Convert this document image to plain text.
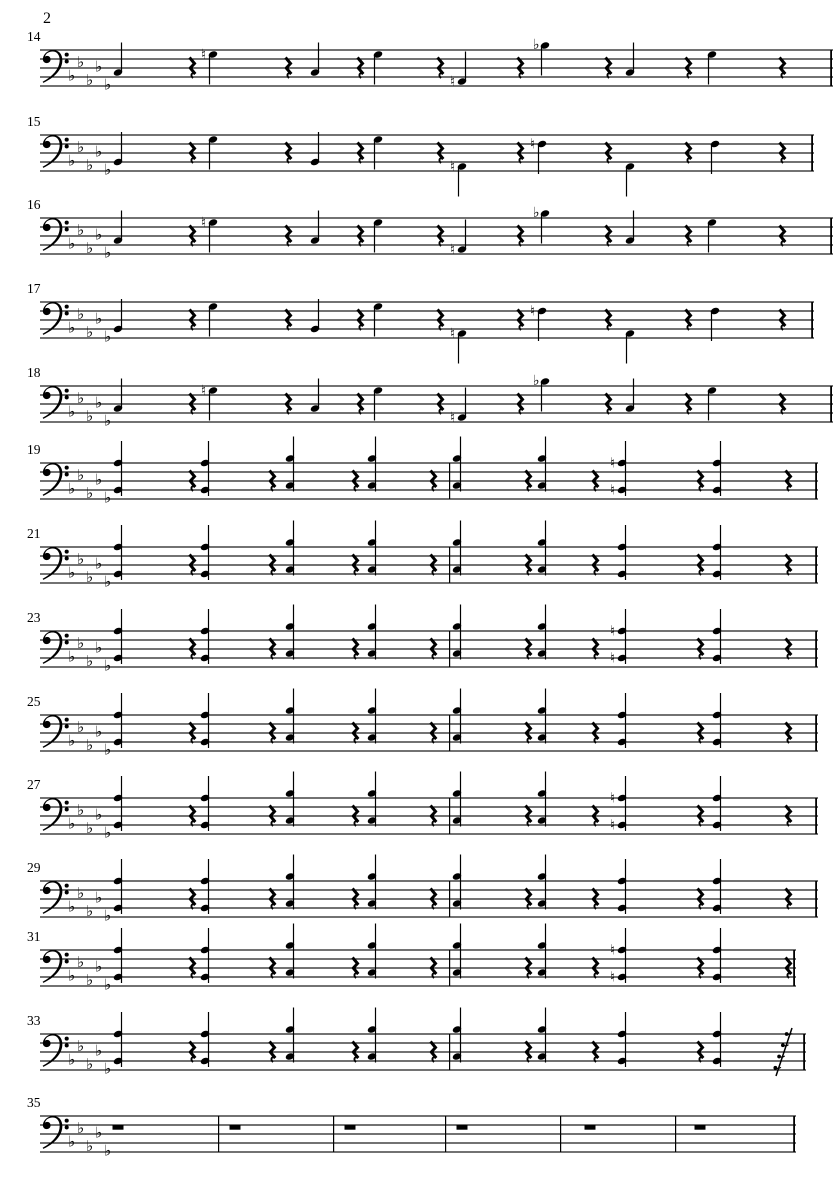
2
14
♭
♭
♭
♭
♭
♮
♮
♭
15
♭
♭
♭
♭
♭	♮
♮
16
♭
♭
♭
♭
♭
♮
♮
♭
17
♭
♭
♭
♭
♭	♮
♮
18
♭
♭
♭
♭
♭
♮
♮
♭
19
♭
♭
♭
♭
♭
♮
♮
21
♭
♭
♭
♭
♭
23
♭
♭
♭
♭
♭
♮
♮
25
♭
♭
♭
♭
♭
27
♭
♭
♭
♭
♭
♮
♮
29
♭
♭
♭
♭
♭
31
♭
♭
♭
♭
♭
♮
♮
33
♭
♭
♭
♭
♭
35
♭
♭
♭
♭
♭
